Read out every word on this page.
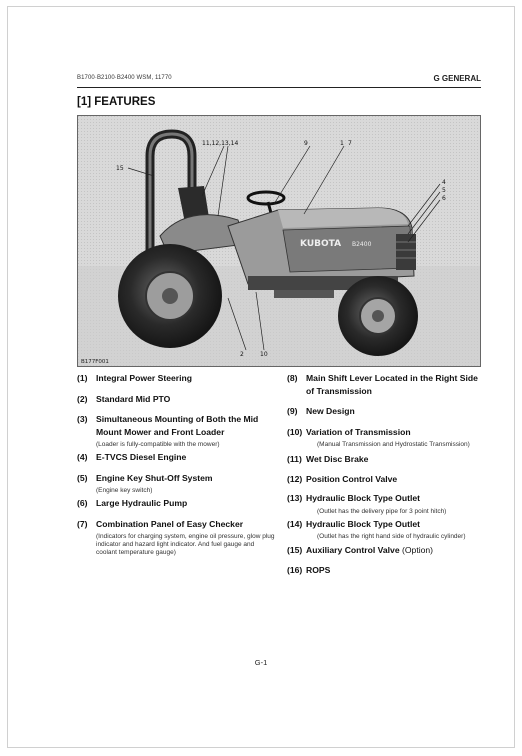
B1700·B2100·B2400 WSM, 11770	G GENERAL
[1] FEATURES
KUBOTA B2400
15
11,12,13,14	9	1 7
4
5
6
2	10
B177F001
(1) Integral Power Steering
(2) Standard Mid PTO
(3) Simultaneous Mounting of Both the Mid Mount Mower and Front Loader
(Loader is fully-compatible with the mower)
(4) E-TVCS Diesel Engine
(5) Engine Key Shut-Off System
(Engine key switch)
(6) Large Hydraulic Pump
(7) Combination Panel of Easy Checker
(Indicators for charging system, engine oil pressure, glow plug indicator and hazard light indicator. And fuel gauge and coolant temperature gauge)
(8) Main Shift Lever Located in the Right Side of Transmission
(9) New Design
(10) Variation of Transmission
(Manual Transmission and Hydrostatic Transmission)
(11) Wet Disc Brake
(12) Position Control Valve
(13) Hydraulic Block Type Outlet
(Outlet has the delivery pipe for 3 point hitch)
(14) Hydraulic Block Type Outlet
(Outlet has the right hand side of hydraulic cylinder)
(15) Auxiliary Control Valve (Option)
(16) ROPS
G-1
